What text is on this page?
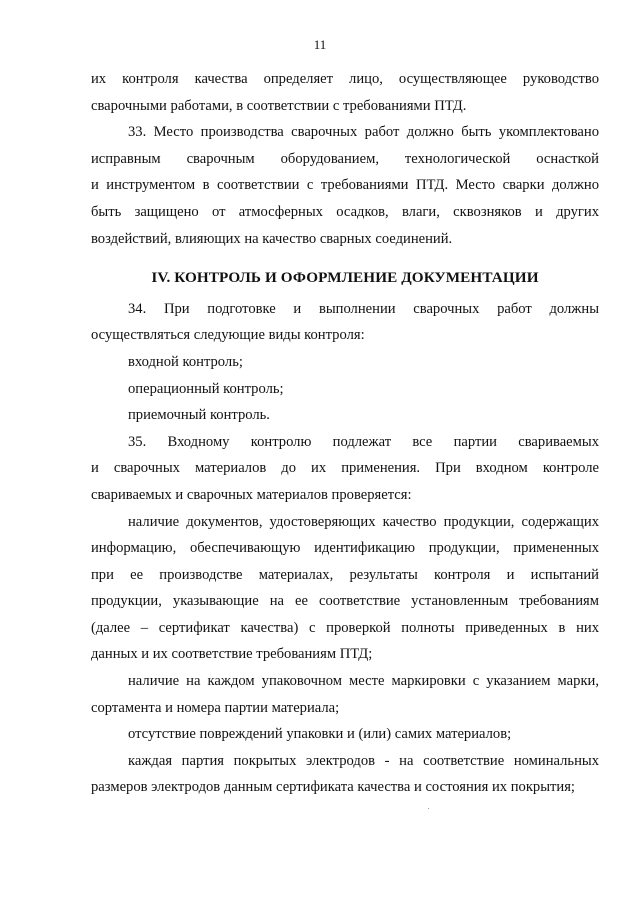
11

их контроля качества определяет лицо, осуществляющее руководство

сварочными работами, в соответствии с требованиями ПТД.

33. Место производства сварочных работ должно быть укомплектовано

исправным сварочным оборудованием, технологической оснасткой

и инструментом в соответствии с требованиями ПТД. Место сварки должно

быть защищено от атмосферных осадков, влаги, сквозняков и других

воздействий, влияющих на качество сварных соединений.

IV. КОНТРОЛЬ И ОФОРМЛЕНИЕ ДОКУМЕНТАЦИИ

34. При подготовке и выполнении сварочных работ должны

осуществляться следующие виды контроля:

входной контроль;

операционный контроль;

приемочный контроль.

35. Входному контролю подлежат все партии свариваемых

и сварочных материалов до их применения. При входном контроле

свариваемых и сварочных материалов проверяется:

наличие документов, удостоверяющих качество продукции, содержащих

информацию, обеспечивающую идентификацию продукции, примененных

при ее производстве материалах, результаты контроля и испытаний

продукции, указывающие на ее соответствие установленным требованиям

(далее – сертификат качества) с проверкой полноты приведенных в них

данных и их соответствие требованиям ПТД;

наличие на каждом упаковочном месте маркировки с указанием марки,

сортамента и номера партии материала;

отсутствие повреждений упаковки и (или) самих материалов;

каждая партия покрытых электродов - на соответствие номинальных

размеров электродов данным сертификата качества и состояния их покрытия;
